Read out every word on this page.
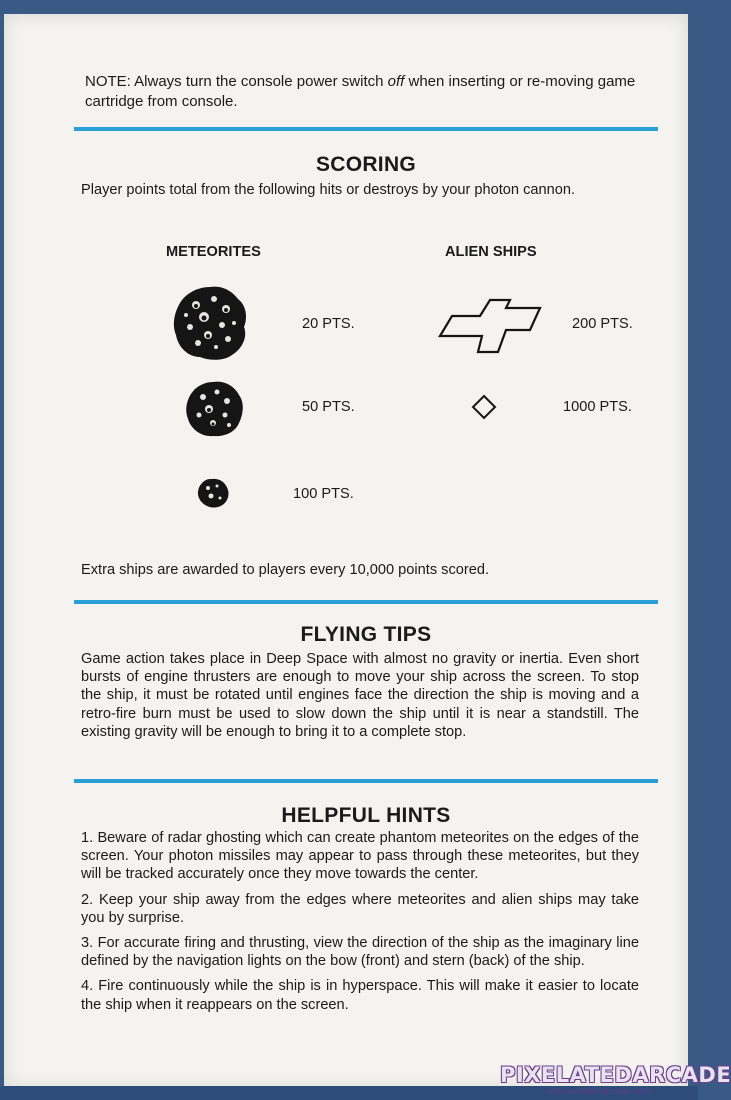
NOTE: Always turn the console power switch off when inserting or re-moving game cartridge from console.
SCORING
Player points total from the following hits or destroys by your photon cannon.
METEORITES	ALIEN SHIPS
20 PTS.
50 PTS.
100 PTS.
200 PTS.
1000 PTS.
Extra ships are awarded to players every 10,000 points scored.
FLYING TIPS
Game action takes place in Deep Space with almost no gravity or inertia. Even short bursts of engine thrusters are enough to move your ship across the screen. To stop the ship, it must be rotated until engines face the direction the ship is moving and a retro-fire burn must be used to slow down the ship until it is near a standstill. The existing gravity will be enough to bring it to a complete stop.
HELPFUL HINTS

1. Beware of radar ghosting which can create phantom meteorites on the edges of the screen. Your photon missiles may appear to pass through these meteorites, but they will be tracked accurately once they move towards the center.

2. Keep your ship away from the edges where meteorites and alien ships may take you by surprise.

3. For accurate firing and thrusting, view the direction of the ship as the imaginary line defined by the navigation lights on the bow (front) and stern (back) of the ship.

4. Fire continuously while the ship is in hyperspace. This will make it easier to locate the ship when it reappears on the screen.

PIXELATEDARCADE
www.pixelatedarcade.com
